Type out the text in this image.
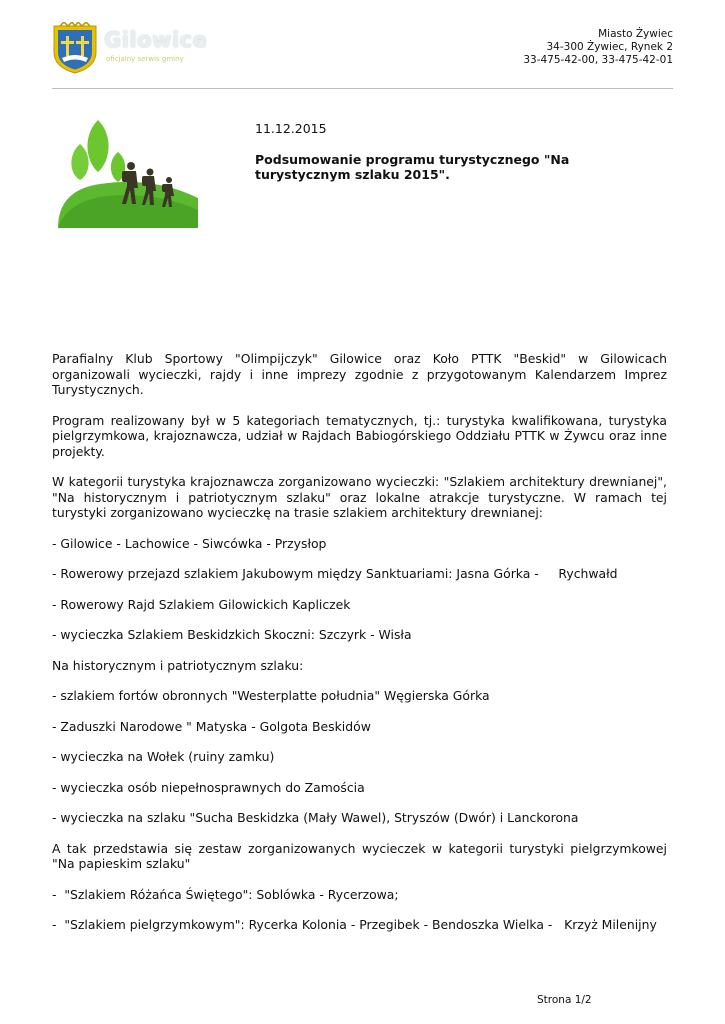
Gilowice
oficjalny serwis gminy
Miasto Żywiec
34-300 Żywiec, Rynek 2
33-475-42-00, 33-475-42-01
11.12.2015
Podsumowanie programu turystycznego "Na turystycznym szlaku 2015".

Parafialny Klub Sportowy "Olimpijczyk" Gilowice oraz Koło PTTK "Beskid" w Gilowicach organizowali wycieczki, rajdy i inne imprezy zgodnie z przygotowanym Kalendarzem Imprez Turystycznych.

Program realizowany był w 5 kategoriach tematycznych, tj.: turystyka kwalifikowana, turystyka pielgrzymkowa, krajoznawcza, udział w Rajdach Babiogórskiego Oddziału PTTK w Żywcu oraz inne projekty.

W kategorii turystyka krajoznawcza zorganizowano wycieczki: "Szlakiem architektury drewnianej", "Na historycznym i patriotycznym szlaku" oraz lokalne atrakcje turystyczne. W ramach tej turystyki zorganizowano wycieczkę na trasie szlakiem architektury drewnianej:

- Gilowice - Lachowice - Siwcówka - Przysłop

- Rowerowy przejazd szlakiem Jakubowym między Sanktuariami: Jasna Górka -     Rychwałd

- Rowerowy Rajd Szlakiem Gilowickich Kapliczek

- wycieczka Szlakiem Beskidzkich Skoczni: Szczyrk - Wisła

Na historycznym i patriotycznym szlaku:

- szlakiem fortów obronnych "Westerplatte południa" Węgierska Górka

- Zaduszki Narodowe " Matyska - Golgota Beskidów

- wycieczka na Wołek (ruiny zamku)

- wycieczka osób niepełnosprawnych do Zamościa

- wycieczka na szlaku "Sucha Beskidzka (Mały Wawel), Stryszów (Dwór) i Lanckorona

A tak przedstawia się zestaw zorganizowanych wycieczek w kategorii turystyki pielgrzymkowej "Na papieskim szlaku"

-  "Szlakiem Różańca Świętego": Soblówka - Rycerzowa;

-  "Szlakiem pielgrzymkowym": Rycerka Kolonia - Przegibek - Bendoszka Wielka -   Krzyż Milenijny

Strona 1/2
